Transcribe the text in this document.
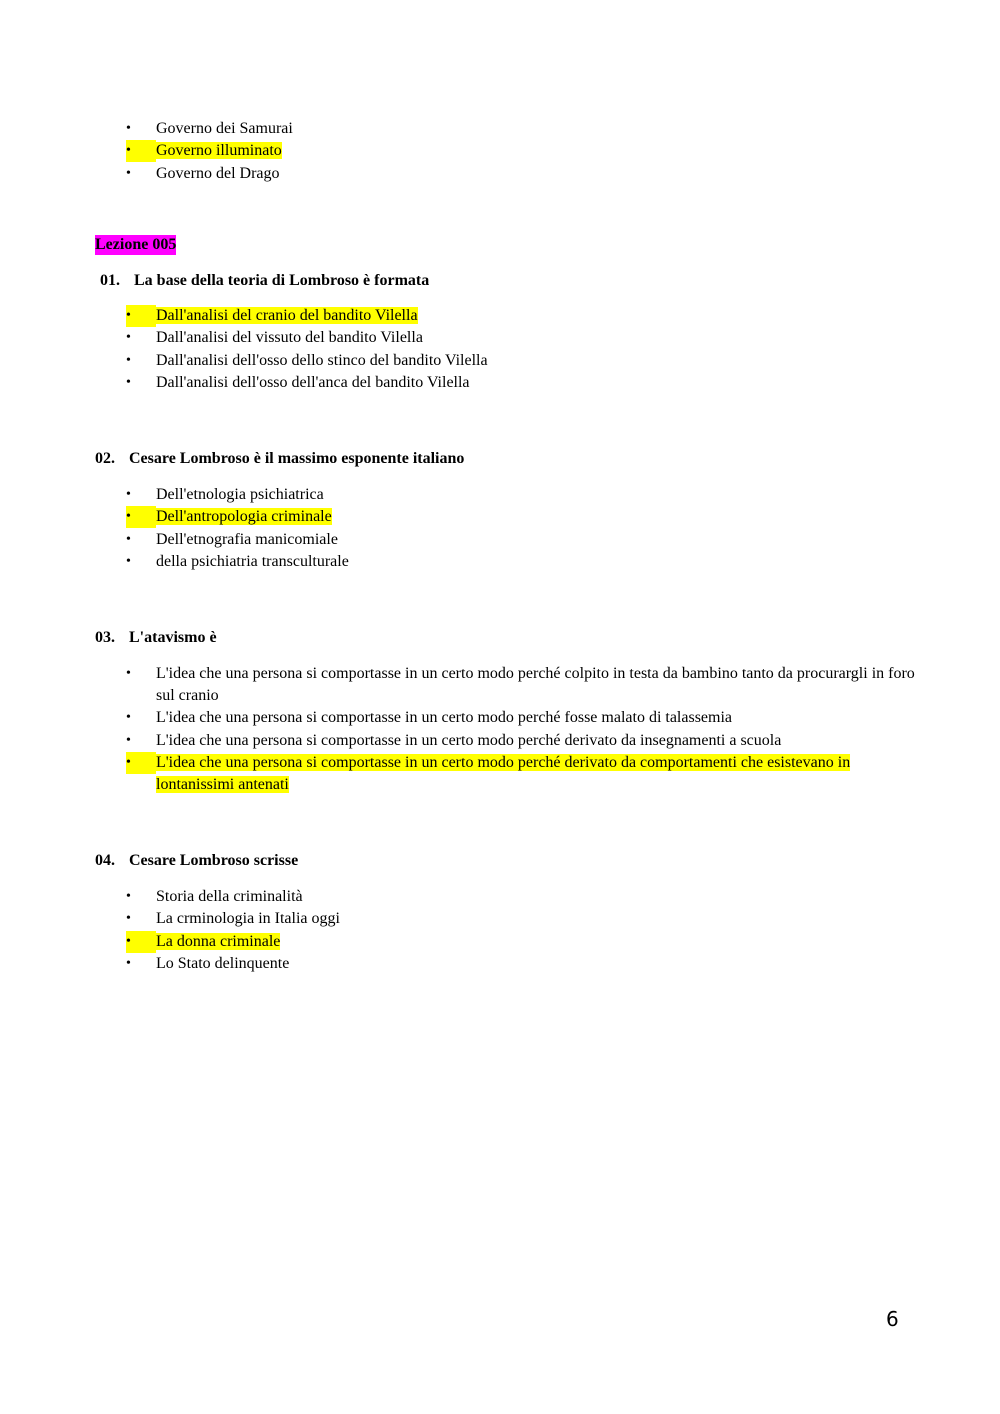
•	Governo dei Samurai
•	Governo illuminato
•	Governo del Drago
Lezione 005
01. La base della teoria di Lombroso è formata
•	Dall'analisi del cranio del bandito Vilella
•	Dall'analisi del vissuto del bandito Vilella
•	Dall'analisi dell'osso dello stinco del bandito Vilella
•	Dall'analisi dell'osso dell'anca del bandito Vilella
02. Cesare Lombroso è il massimo esponente italiano
•	Dell'etnologia psichiatrica
•	Dell'antropologia criminale
•	Dell'etnografia manicomiale
•	della psichiatria transculturale
03. L'atavismo è
•	L'idea che una persona si comportasse in un certo modo perché colpito in testa da bambino tanto da procurargli in foro sul cranio
•	L'idea che una persona si comportasse in un certo modo perché fosse malato di talassemia
•	L'idea che una persona si comportasse in un certo modo perché derivato da insegnamenti a scuola
•	L'idea che una persona si comportasse in un certo modo perché derivato da comportamenti che esistevano in lontanissimi antenati
04. Cesare Lombroso scrisse
•	Storia della criminalità
•	La crminologia in Italia oggi
•	La donna criminale
•	Lo Stato delinquente
6
